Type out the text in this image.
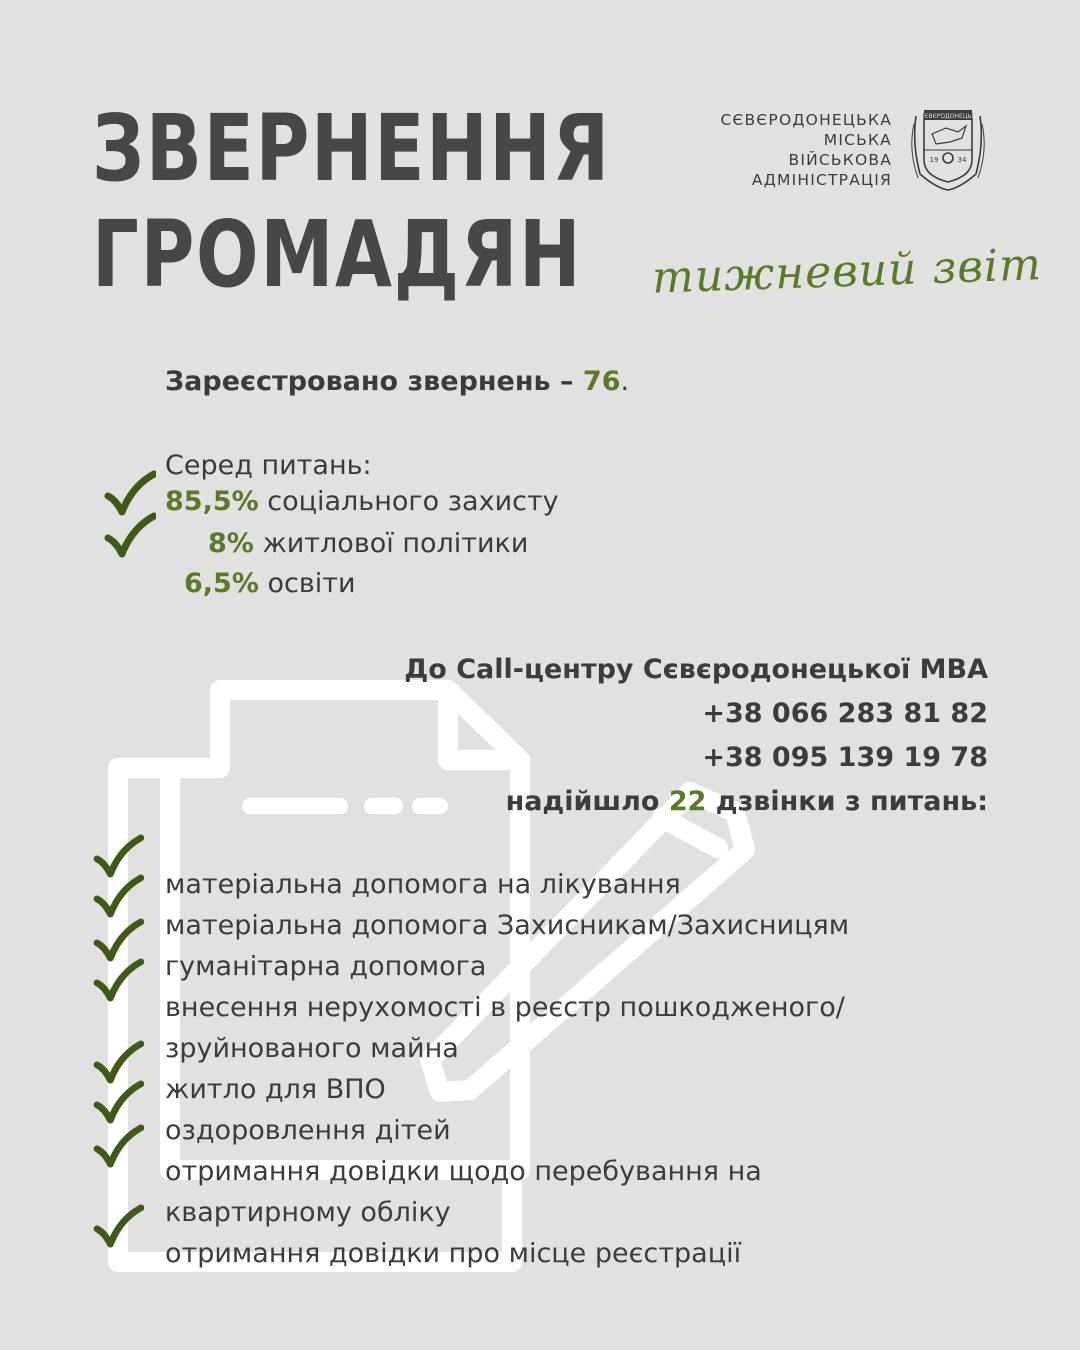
ЗВЕРНЕННЯ
ГРОМАДЯН
СЄВЄРОДОНЕЦЬКА
МІСЬКА
ВІЙСЬКОВА
АДМІНІСТРАЦІЯ
СЄВЄРОДОНЕЦЬК
19	34

тижневий звіт

Зареєстровано звернень – 76.
Серед питань:
85,5% соціального захисту
8% житлової політики
6,5% освіти
До Call-центру Сєвєродонецької МВА
+38 066 283 81 82
+38 095 139 19 78
надійшло 22 дзвінки з питань:
матеріальна допомога на лікування
матеріальна допомога Захисникам/Захисницям
гуманітарна допомога
внесення нерухомості в реєстр пошкодженого/
зруйнованого майна
житло для ВПО
оздоровлення дітей
отримання довідки щодо перебування на
квартирному обліку
отримання довідки про місце реєстрації
